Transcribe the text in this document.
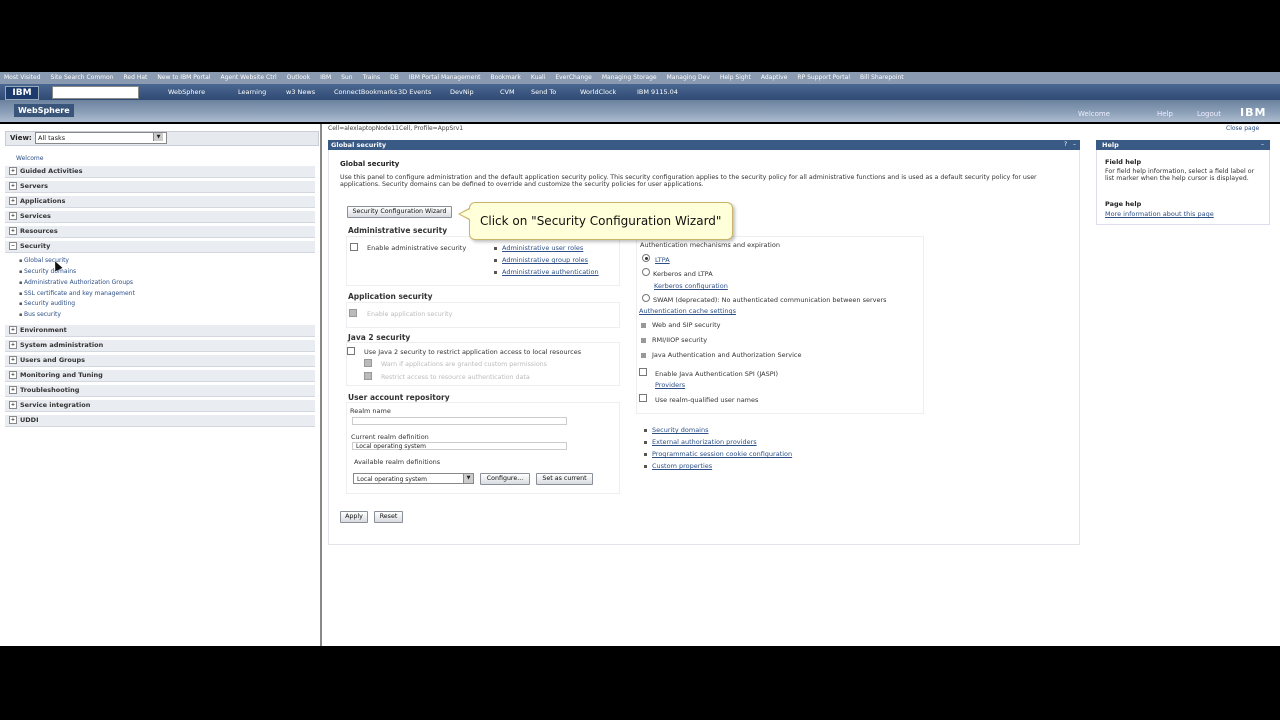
Most Visited Site Search Common Red Hat New to IBM Portal Agent Website Ctrl Outlook IBM Sun Trains DB IBM Portal Management Bookmark Kuali EverChange Managing Storage Managing Dev Help Sight Adaptive RP Support Portal Bill Sharepoint
WebSphere	Learning	w3 News	ConnectBookmarks 3D Events	DevNip	CVM	Send To	WorldClock	IBM 9115.04
IBM
WebSphere	Welcome	Help	Logout IBM
View: All tasks	▼
Welcome
+ Guided Activities
+ Servers
+ Applications
+ Services
+ Resources
− Security
▪ Global security
▪ Security domains
▪ Administrative Authorization Groups
▪ SSL certificate and key management
▪ Security auditing
▪ Bus security
+ Environment
+ System administration
+ Users and Groups
+ Monitoring and Tuning
+ Troubleshooting
+ Service integration
+ UDDI
Cell=alexlaptopNode11Cell, Profile=AppSrv1	Close page
Global security	? –
Global security
Use this panel to configure administration and the default application security policy. This security configuration applies to the security policy for all administrative functions and is used as a default security policy for user applications. Security domains can be defined to override and customize the security policies for user applications.
Security Configuration Wizard
Administrative security
Enable administrative security	Administrative user roles
Administrative group roles
Administrative authentication
Application security
Enable application security
Java 2 security
Use Java 2 security to restrict application access to local resources
Warn if applications are granted custom permissions
Restrict access to resource authentication data
User account repository
Realm name
Current realm definition
Local operating system
Available realm definitions
Local operating system	▼	Configure...	Set as current
Authentication mechanisms and expiration
LTPA
Kerberos and LTPA
Kerberos configuration
SWAM (deprecated): No authenticated communication between servers
Authentication cache settings
Web and SIP security
RMI/IIOP security
Java Authentication and Authorization Service
Enable Java Authentication SPI (JASPI)
Providers
Use realm-qualified user names
Security domains
External authorization providers
Programmatic session cookie configuration
Custom properties
Apply	Reset
Help	–
Field help
For field help information, select a field label or list marker when the help cursor is displayed.
Page help
More information about this page
Click on "Security Configuration Wizard"
